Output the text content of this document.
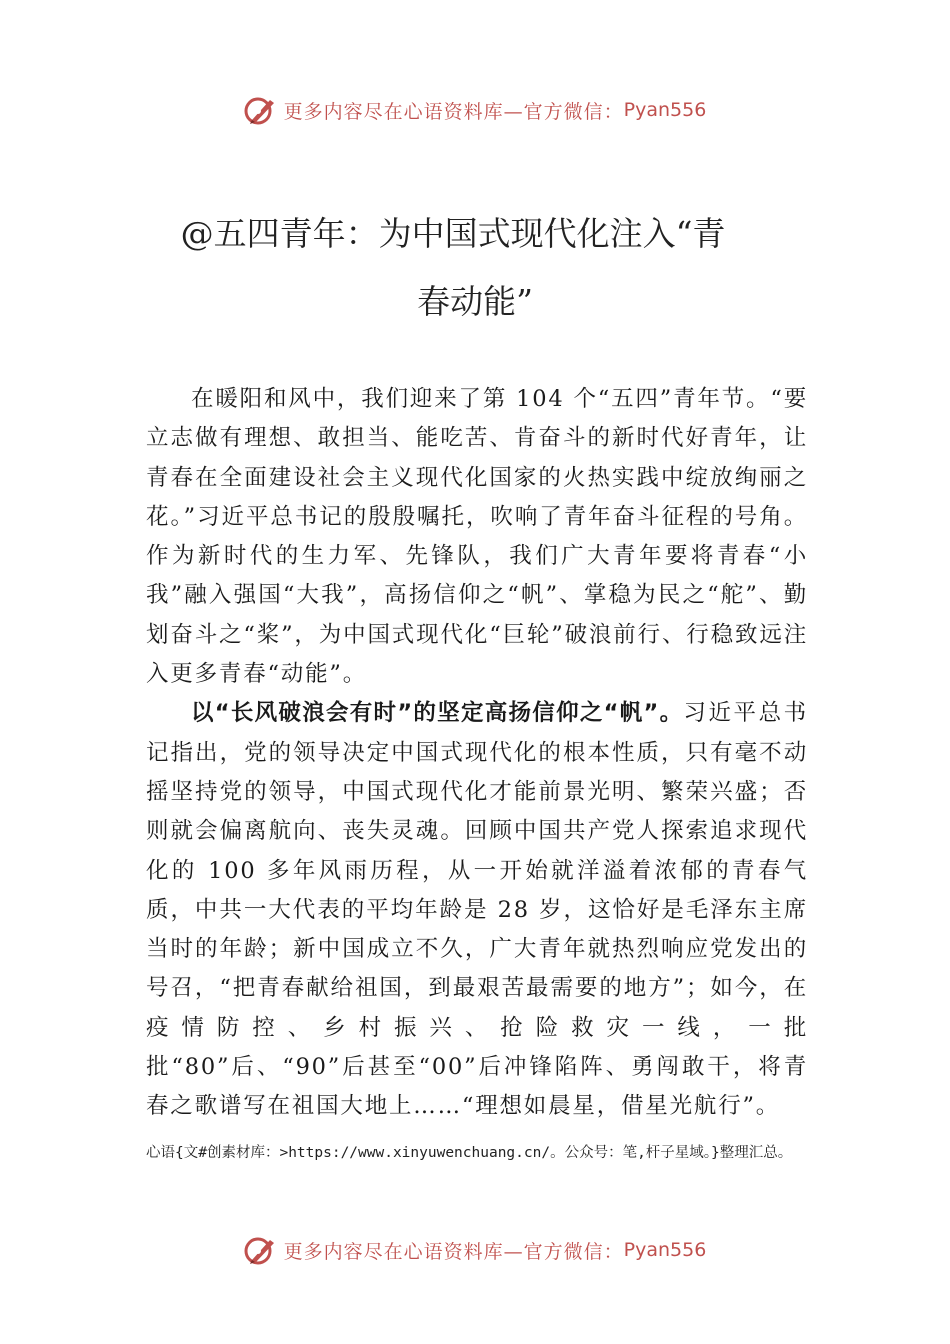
更多内容尽在心语资料库—官方微信： Pyan556
@五四青年：为中国式现代化注入“青
春动能”

在暖阳和风中，我们迎来了第 104 个“五四”青年节。“要立志做有理想、敢担当、能吃苦、肯奋斗的新时代好青年，让青春在全面建设社会主义现代化国家的火热实践中绽放绚丽之花。”习近平总书记的殷殷嘱托，吹响了青年奋斗征程的号角。作为新时代的生力军、先锋队，我们广大青年要将青春“小我”融入强国“大我”，高扬信仰之“帆”、掌稳为民之“舵”、勤划奋斗之“桨”，为中国式现代化“巨轮”破浪前行、行稳致远注入更多青春“动能”。

以“长风破浪会有时”的坚定高扬信仰之“帆”。习近平总书记指出，党的领导决定中国式现代化的根本性质，只有毫不动摇坚持党的领导，中国式现代化才能前景光明、繁荣兴盛；否则就会偏离航向、丧失灵魂。回顾中国共产党人探索追求现代化的 100 多年风雨历程，从一开始就洋溢着浓郁的青春气质，中共一大代表的平均年龄是 28 岁，这恰好是毛泽东主席当时的年龄；新中国成立不久，广大青年就热烈响应党发出的号召，“把青春献给祖国，到最艰苦最需要的地方”；如今，在疫情防控、乡村振兴、抢险救灾一线，一批批“80”后、“90”后甚至“00”后冲锋陷阵、勇闯敢干，将青春之歌谱写在祖国大地上……“理想如晨星，借星光航行”。

心语{文#创素材库：>https://www.xinyuwenchuang.cn/。公众号：笔,杆子星域。}整理汇总。
更多内容尽在心语资料库—官方微信： Pyan556
